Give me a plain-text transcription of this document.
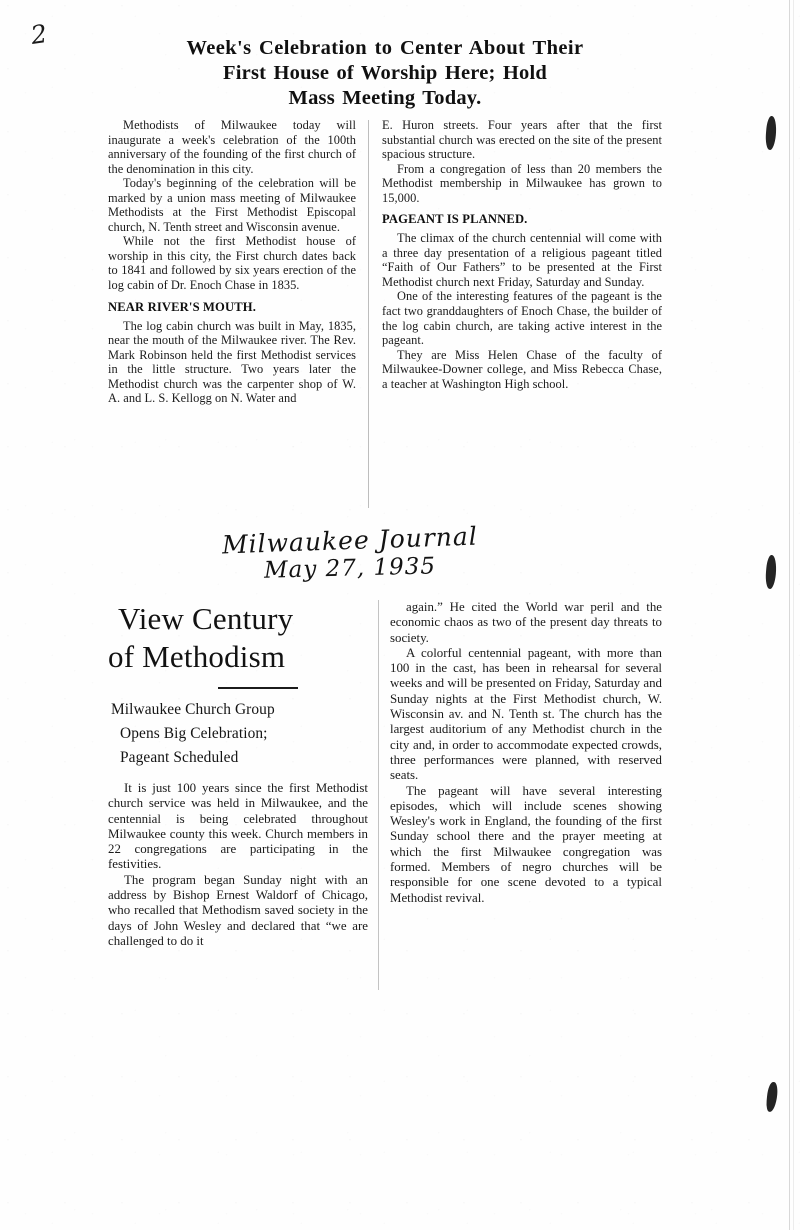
2	Week's Celebration to Center About Their
First House of Worship Here; Hold
Mass Meeting Today.

Methodists of Milwaukee today will inaugurate a week's celebration of the 100th anniversary of the founding of the first church of the denomination in this city.

Today's beginning of the celebration will be marked by a union mass meeting of Milwaukee Methodists at the First Methodist Episcopal church, N. Tenth street and Wisconsin avenue.

While not the first Methodist house of worship in this city, the First church dates back to 1841 and followed by six years erection of the log cabin of Dr. Enoch Chase in 1835.

NEAR RIVER'S MOUTH.

The log cabin church was built in May, 1835, near the mouth of the Milwaukee river. The Rev. Mark Robinson held the first Methodist services in the little structure. Two years later the Methodist church was the carpenter shop of W. A. and L. S. Kellogg on N. Water and

E. Huron streets. Four years after that the first substantial church was erected on the site of the present spacious structure.

From a congregation of less than 20 members the Methodist membership in Milwaukee has grown to 15,000.

PAGEANT IS PLANNED.

The climax of the church centennial will come with a three day presentation of a religious pageant titled “Faith of Our Fathers” to be presented at the First Methodist church next Friday, Saturday and Sunday.

One of the interesting features of the pageant is the fact two granddaughters of Enoch Chase, the builder of the log cabin church, are taking active interest in the pageant.

They are Miss Helen Chase of the faculty of Milwaukee-Downer college, and Miss Rebecca Chase, a teacher at Washington High school.

Milwaukee Journal
May 27, 1935
View Century
of Methodism
Milwaukee Church Group
Opens Big Celebration;
Pageant Scheduled

It is just 100 years since the first Methodist church service was held in Milwaukee, and the centennial is being celebrated throughout Milwaukee county this week. Church members in 22 congregations are participating in the festivities.

The program began Sunday night with an address by Bishop Ernest Waldorf of Chicago, who recalled that Methodism saved society in the days of John Wesley and declared that “we are challenged to do it

again.” He cited the World war peril and the economic chaos as two of the present day threats to society.

A colorful centennial pageant, with more than 100 in the cast, has been in rehearsal for several weeks and will be presented on Friday, Saturday and Sunday nights at the First Methodist church, W. Wisconsin av. and N. Tenth st. The church has the largest auditorium of any Methodist church in the city and, in order to accommodate expected crowds, three performances were planned, with reserved seats.

The pageant will have several interesting episodes, which will include scenes showing Wesley's work in England, the founding of the first Sunday school there and the prayer meeting at which the first Milwaukee congregation was formed. Members of negro churches will be responsible for one scene devoted to a typical Methodist revival.
